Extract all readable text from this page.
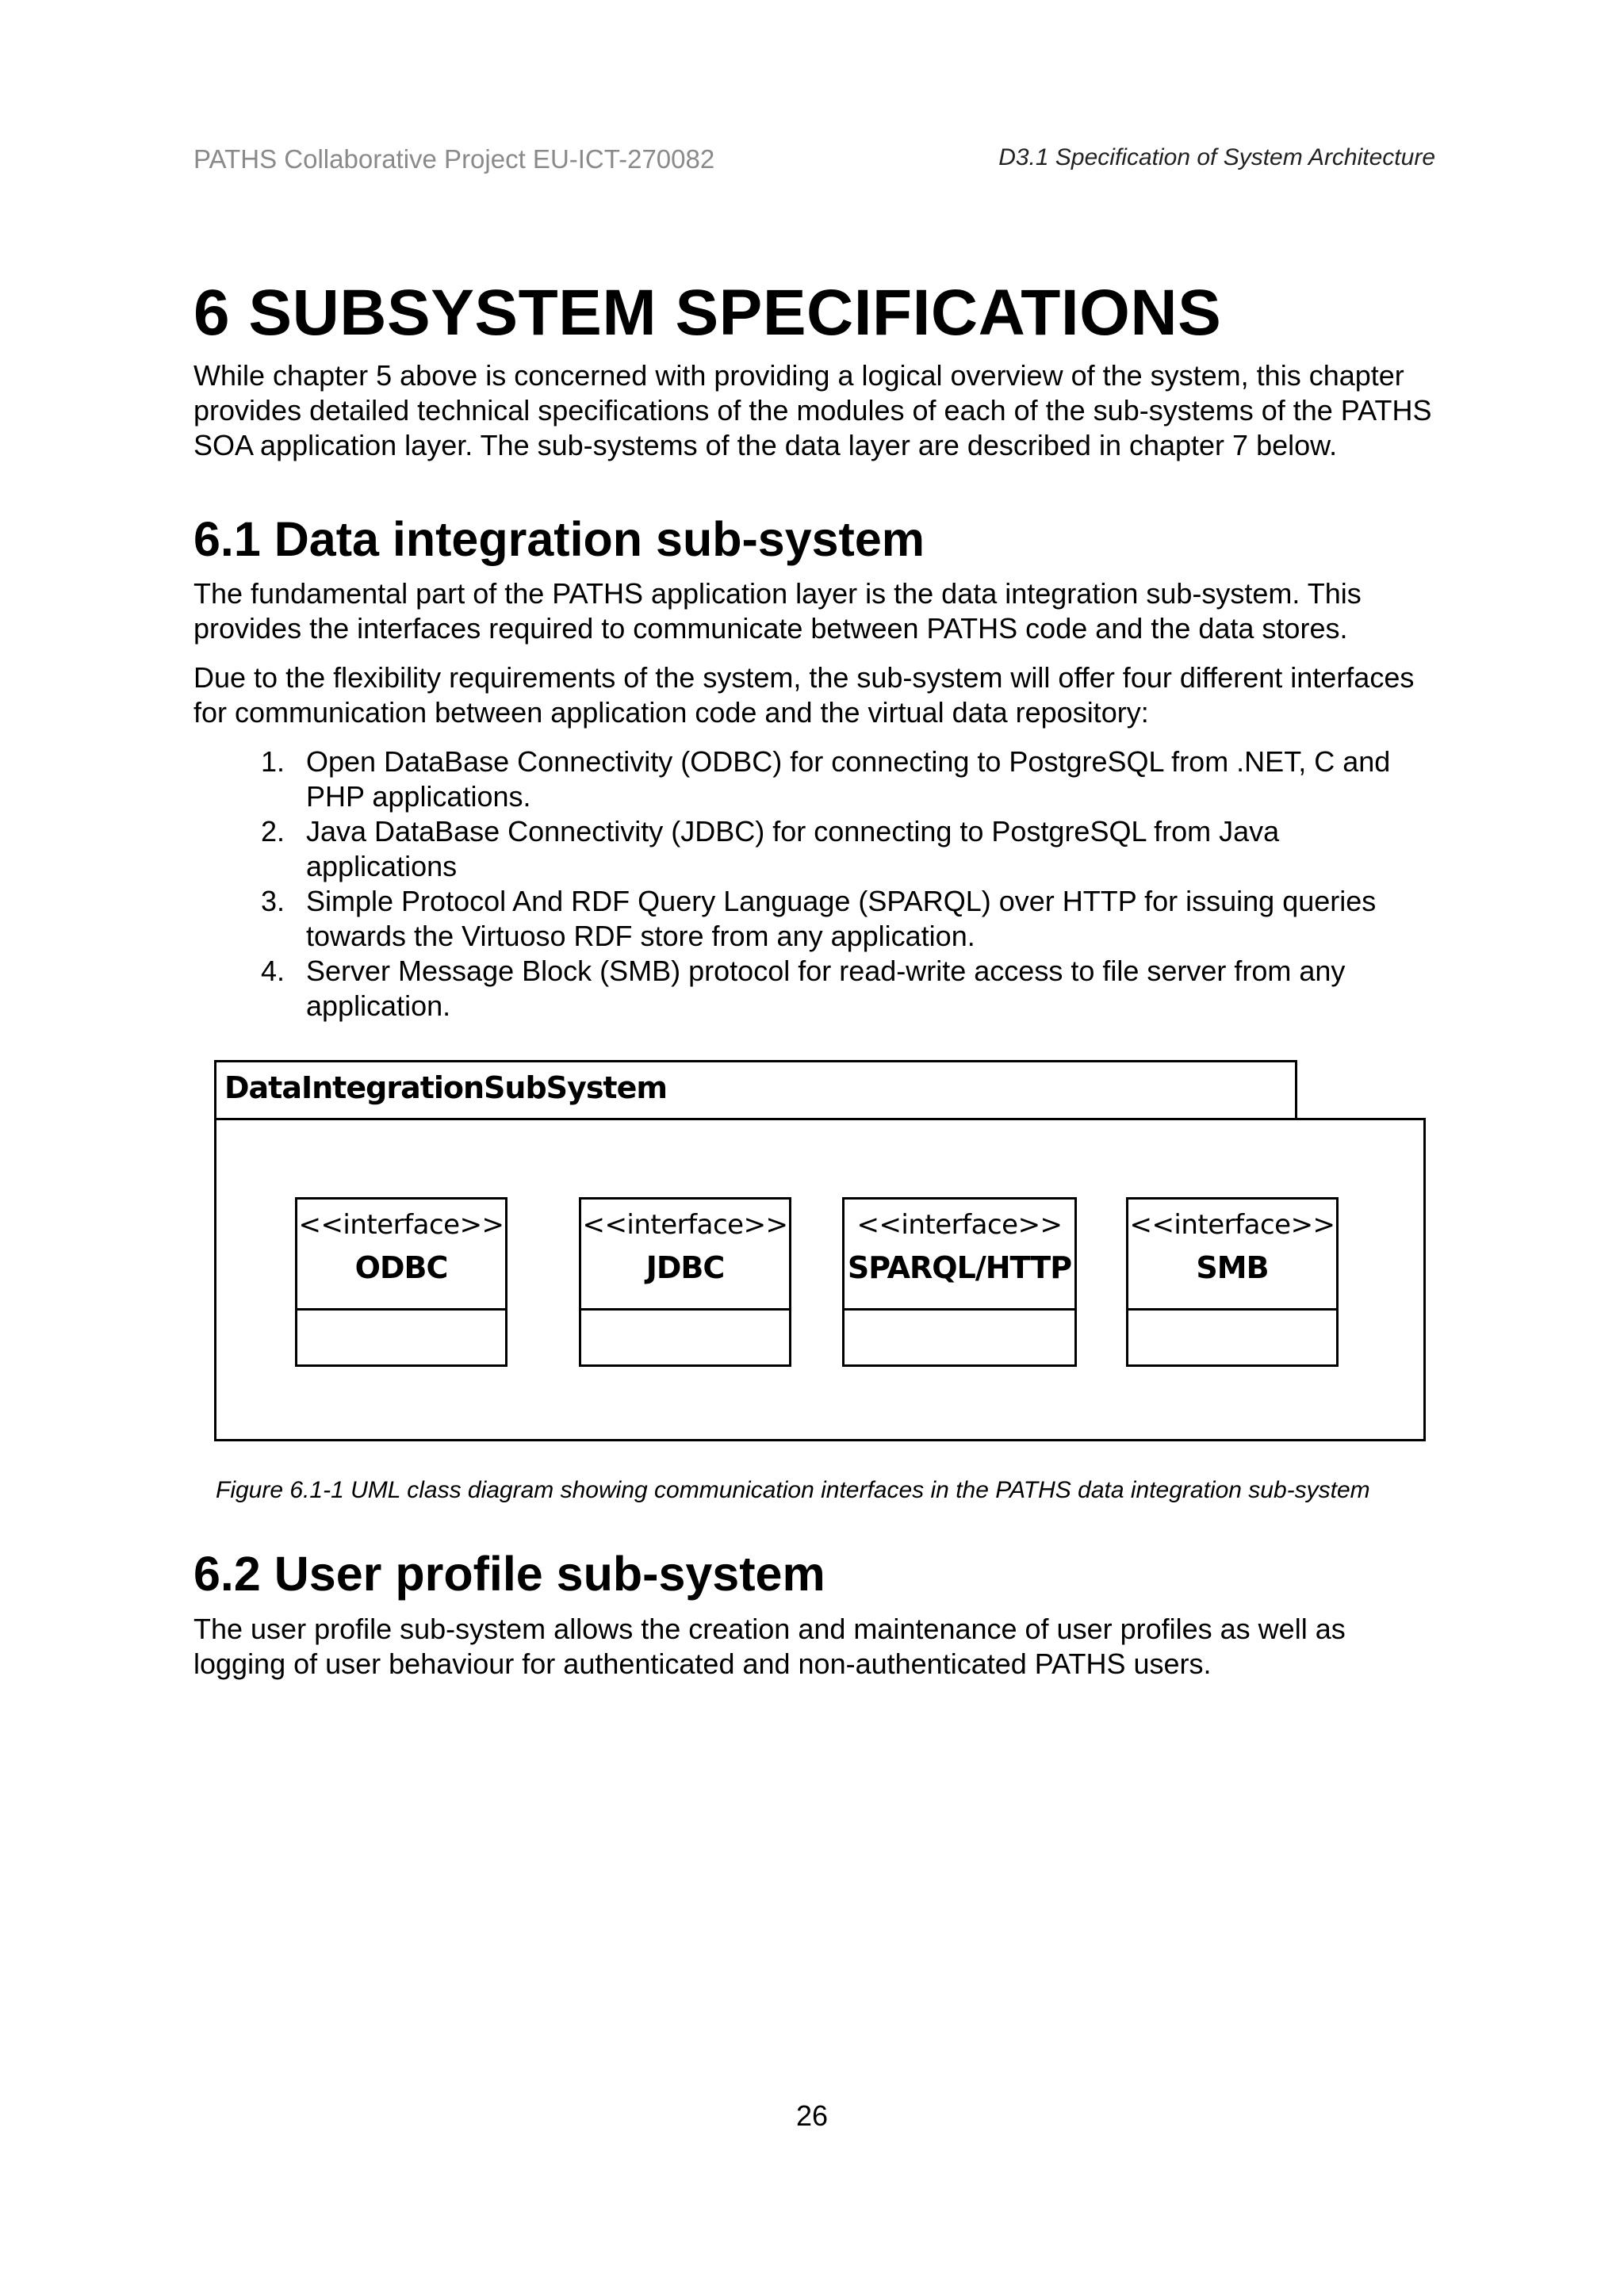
PATHS Collaborative Project EU-ICT-270082	D3.1 Specification of System Architecture
6 SUBSYSTEM SPECIFICATIONS

While chapter 5 above is concerned with providing a logical overview of the system, this chapter provides detailed technical specifications of the modules of each of the sub-systems of the PATHS SOA application layer. The sub-systems of the data layer are described in chapter 7 below.

6.1 Data integration sub-system

The fundamental part of the PATHS application layer is the data integration sub-system. This provides the interfaces required to communicate between PATHS code and the data stores.

Due to the flexibility requirements of the system, the sub-system will offer four different interfaces for communication between application code and the virtual data repository:

1. Open DataBase Connectivity (ODBC) for connecting to PostgreSQL from .NET, C and PHP applications.
2. Java DataBase Connectivity (JDBC) for connecting to PostgreSQL from Java applications
3. Simple Protocol And RDF Query Language (SPARQL) over HTTP for issuing queries towards the Virtuoso RDF store from any application.
4. Server Message Block (SMB) protocol for read-write access to file server from any application.
DataIntegrationSubSystem
<<interface>>
ODBC
<<interface>>
JDBC
<<interface>>
SPARQL/HTTP
<<interface>>
SMB
Figure 6.1-1 UML class diagram showing communication interfaces in the PATHS data integration sub-system
6.2 User profile sub-system

The user profile sub-system allows the creation and maintenance of user profiles as well as logging of user behaviour for authenticated and non-authenticated PATHS users.

26
